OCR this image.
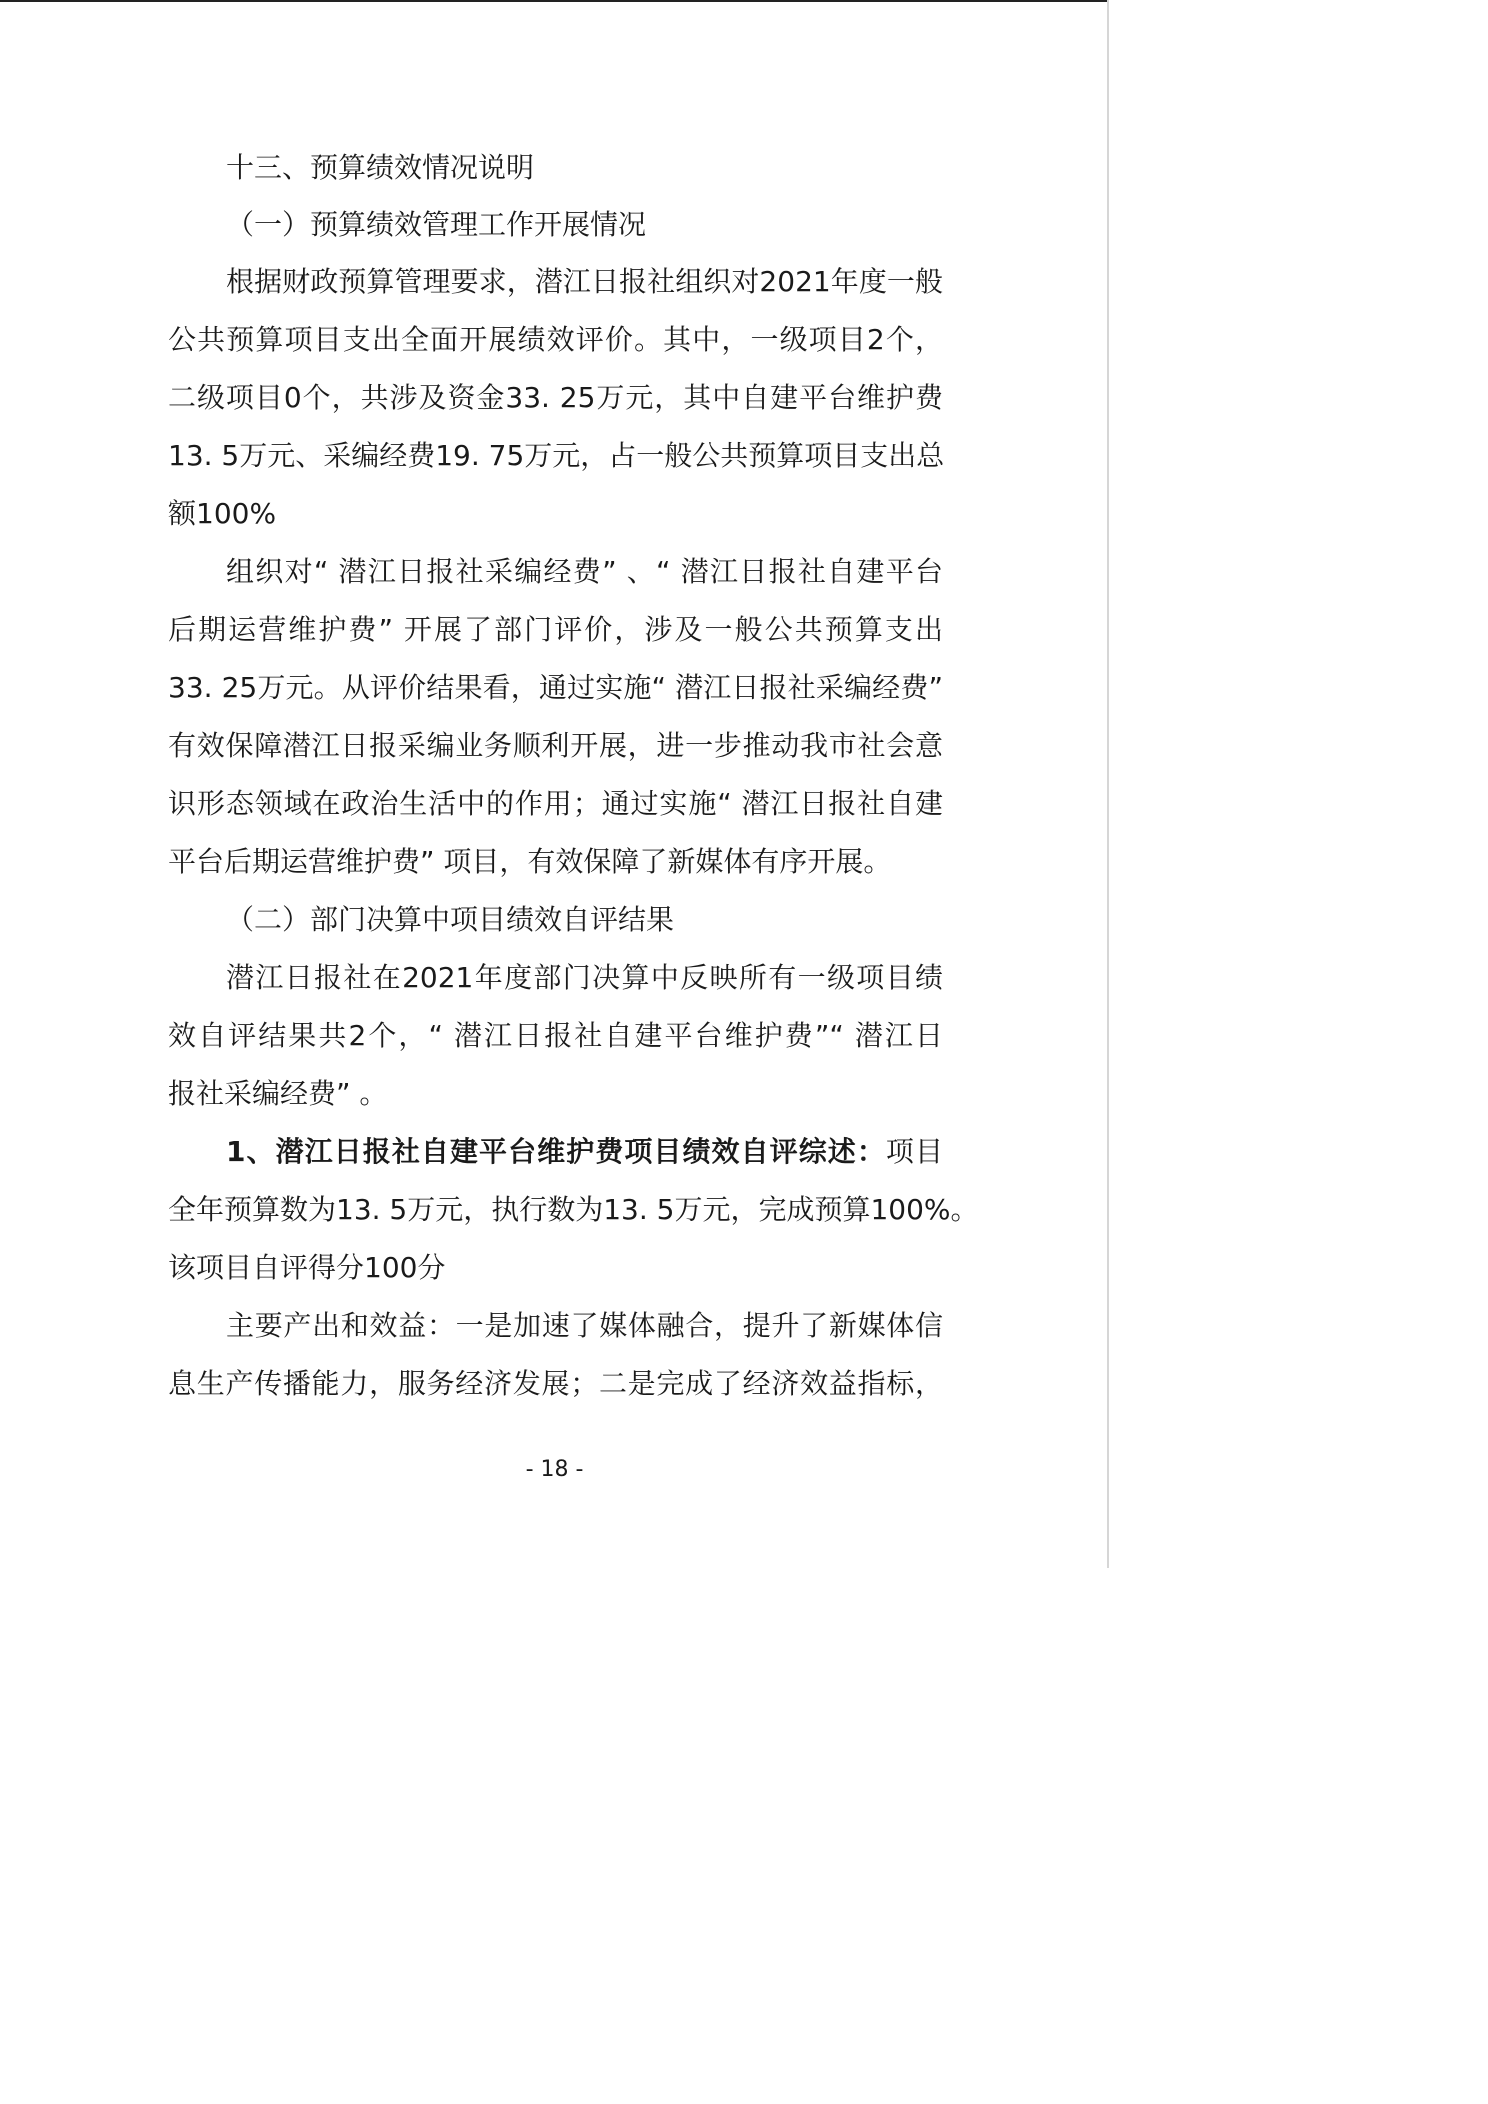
十三、预算绩效情况说明
（一）预算绩效管理工作开展情况
根据财政预算管理要求，潜江日报社组织对2021年度一般
公共预算项目支出全面开展绩效评价。其中，一级项目2个，
二级项目0个，共涉及资金33. 25万元，其中自建平台维护费
13. 5万元、采编经费19. 75万元，占一般公共预算项目支出总
额100%
组织对“ 潜江日报社采编经费” 、“ 潜江日报社自建平台
后期运营维护费” 开展了部门评价，涉及一般公共预算支出
33. 25万元。从评价结果看，通过实施“ 潜江日报社采编经费”
有效保障潜江日报采编业务顺利开展，进一步推动我市社会意
识形态领域在政治生活中的作用；通过实施“ 潜江日报社自建
平台后期运营维护费” 项目，有效保障了新媒体有序开展。
（二）部门决算中项目绩效自评结果
潜江日报社在2021年度部门决算中反映所有一级项目绩
效自评结果共2个，“ 潜江日报社自建平台维护费”“ 潜江日
报社采编经费” 。
1、潜江日报社自建平台维护费项目绩效自评综述：项目
全年预算数为13. 5万元，执行数为13. 5万元，完成预算100%。
该项目自评得分100分
主要产出和效益：一是加速了媒体融合，提升了新媒体信
息生产传播能力，服务经济发展；二是完成了经济效益指标，
- 18 -
